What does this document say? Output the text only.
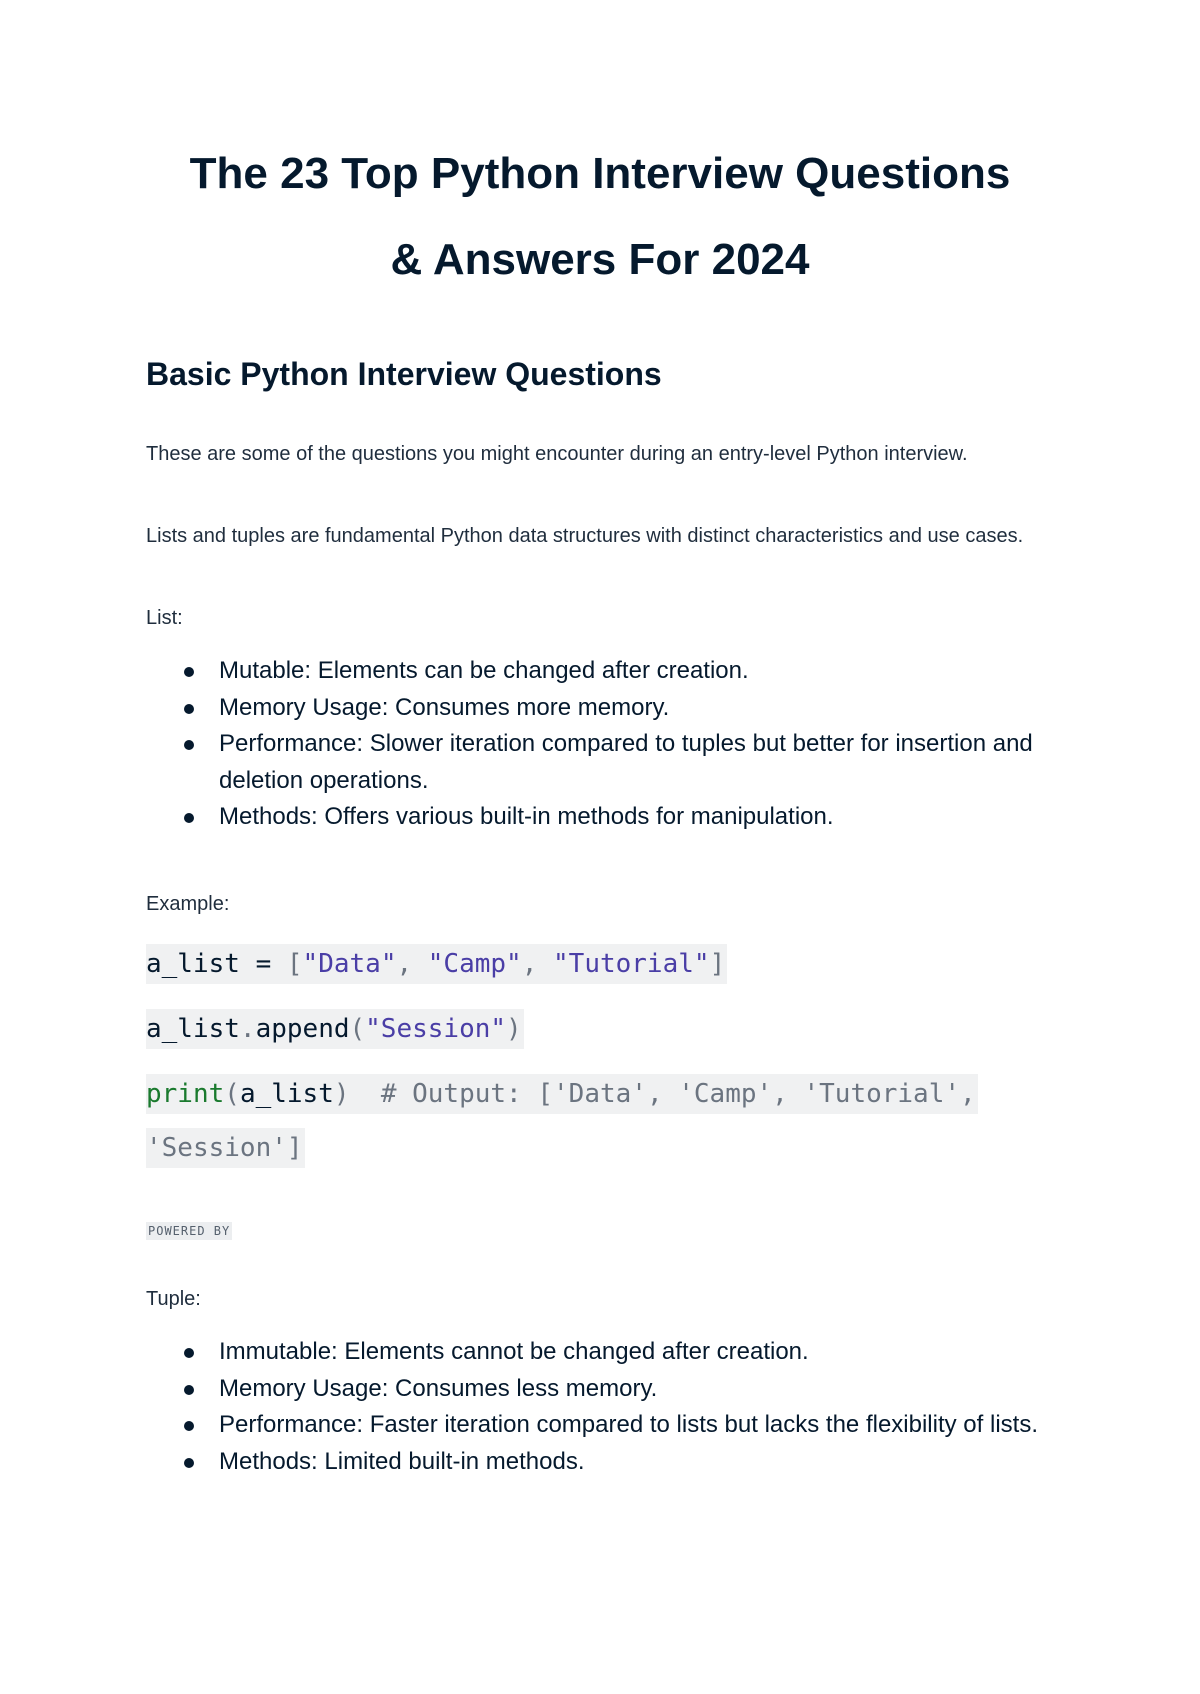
The 23 Top Python Interview Questions
& Answers For 2024
Basic Python Interview Questions

These are some of the questions you might encounter during an entry-level Python interview.

Lists and tuples are fundamental Python data structures with distinct characteristics and use cases.

List:

Mutable: Elements can be changed after creation.
Memory Usage: Consumes more memory.
Performance: Slower iteration compared to tuples but better for insertion and deletion operations.
Methods: Offers various built-in methods for manipulation.

Example:

a_list = ["Data", "Camp", "Tutorial"]
a_list.append("Session")
print(a_list)  # Output: ['Data', 'Camp', 'Tutorial',
'Session']
POWERED BY

Tuple:

Immutable: Elements cannot be changed after creation.
Memory Usage: Consumes less memory.
Performance: Faster iteration compared to lists but lacks the flexibility of lists.
Methods: Limited built-in methods.
